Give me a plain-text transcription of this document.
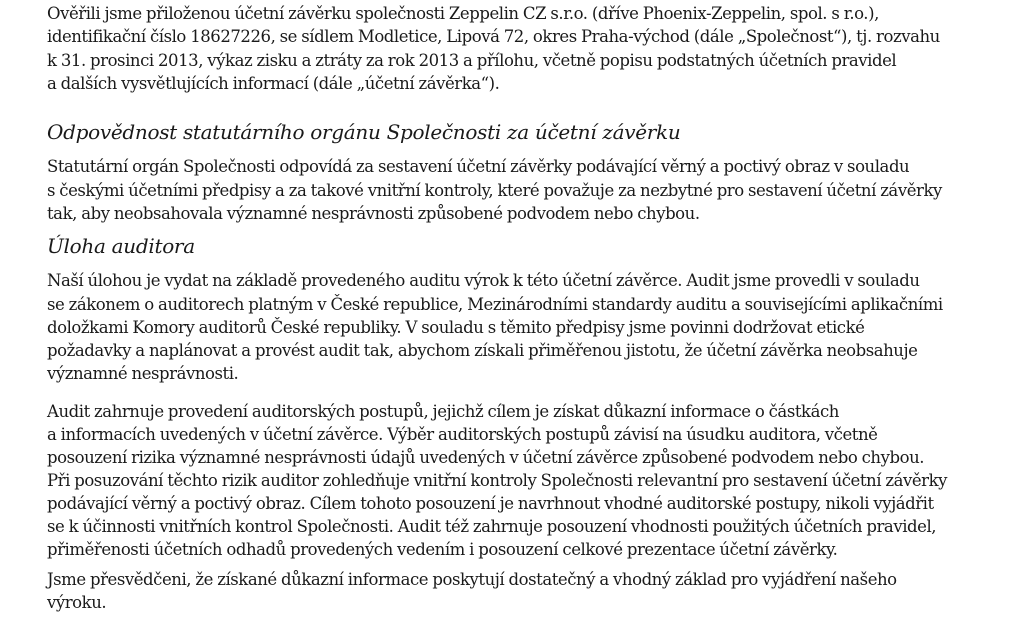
Ověřili jsme přiloženou účetní závěrku společnosti Zeppelin CZ s.r.o. (dříve Phoenix-Zeppelin, spol. s r.o.),
identifikační číslo 18627226, se sídlem Modletice, Lipová 72, okres Praha-východ (dále „Společnost“), tj. rozvahu
k 31. prosinci 2013, výkaz zisku a ztráty za rok 2013 a přílohu, včetně popisu podstatných účetních pravidel
a dalších vysvětlujících informací (dále „účetní závěrka“).
Odpovědnost statutárního orgánu Společnosti za účetní závěrku
Statutární orgán Společnosti odpovídá za sestavení účetní závěrky podávající věrný a poctivý obraz v souladu
s českými účetními předpisy a za takové vnitřní kontroly, které považuje za nezbytné pro sestavení účetní závěrky
tak, aby neobsahovala významné nesprávnosti způsobené podvodem nebo chybou.
Úloha auditora
Naší úlohou je vydat na základě provedeného auditu výrok k této účetní závěrce. Audit jsme provedli v souladu
se zákonem o auditorech platným v České republice, Mezinárodními standardy auditu a souvisejícími aplikačními
doložkami Komory auditorů České republiky. V souladu s těmito předpisy jsme povinni dodržovat etické
požadavky a naplánovat a provést audit tak, abychom získali přiměřenou jistotu, že účetní závěrka neobsahuje
významné nesprávnosti.
Audit zahrnuje provedení auditorských postupů, jejichž cílem je získat důkazní informace o částkách
a informacích uvedených v účetní závěrce. Výběr auditorských postupů závisí na úsudku auditora, včetně
posouzení rizika významné nesprávnosti údajů uvedených v účetní závěrce způsobené podvodem nebo chybou.
Při posuzování těchto rizik auditor zohledňuje vnitřní kontroly Společnosti relevantní pro sestavení účetní závěrky
podávající věrný a poctivý obraz. Cílem tohoto posouzení je navrhnout vhodné auditorské postupy, nikoli vyjádřit
se k účinnosti vnitřních kontrol Společnosti. Audit též zahrnuje posouzení vhodnosti použitých účetních pravidel,
přiměřenosti účetních odhadů provedených vedením i posouzení celkové prezentace účetní závěrky.
Jsme přesvědčeni, že získané důkazní informace poskytují dostatečný a vhodný základ pro vyjádření našeho
výroku.
